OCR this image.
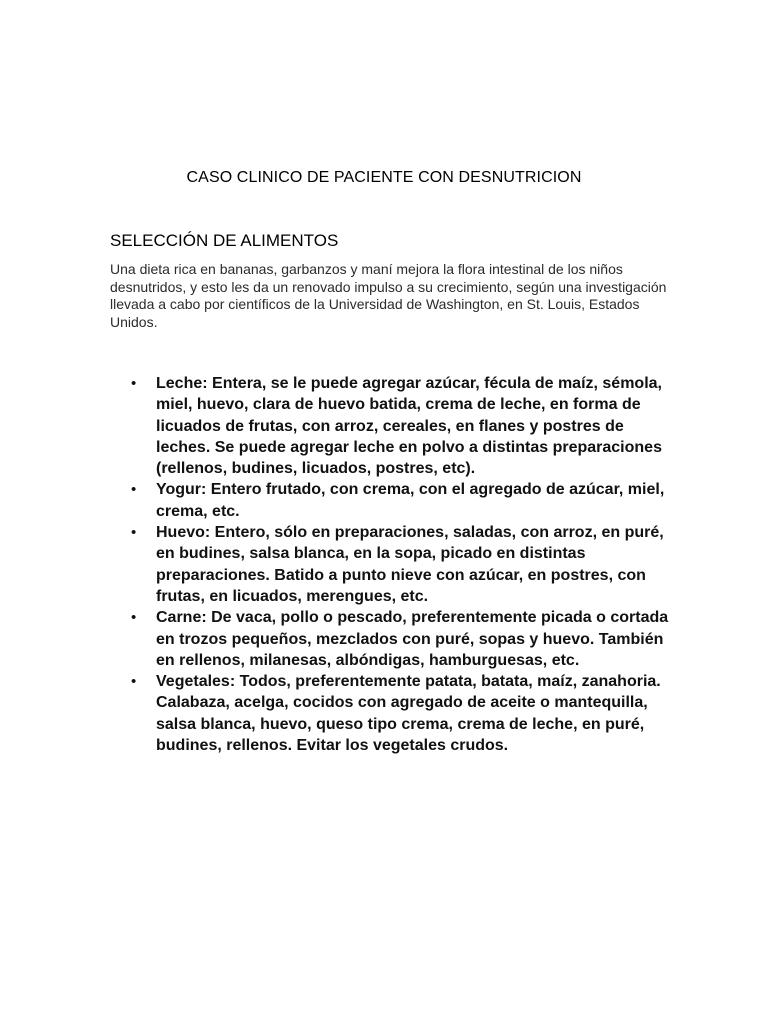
CASO CLINICO DE PACIENTE CON DESNUTRICION
SELECCIÓN DE ALIMENTOS

Una dieta rica en bananas, garbanzos y maní mejora la flora intestinal de los niños desnutridos, y esto les da un renovado impulso a su crecimiento, según una investigación llevada a cabo por científicos de la Universidad de Washington, en St. Louis, Estados Unidos.

• Leche: Entera, se le puede agregar azúcar, fécula de maíz, sémola, miel, huevo, clara de huevo batida, crema de leche, en forma de licuados de frutas, con arroz, cereales, en flanes y postres de leches. Se puede agregar leche en polvo a distintas preparaciones (rellenos, budines, licuados, postres, etc).
• Yogur: Entero frutado, con crema, con el agregado de azúcar, miel, crema, etc.
• Huevo: Entero, sólo en preparaciones, saladas, con arroz, en puré, en budines, salsa blanca, en la sopa, picado en distintas preparaciones. Batido a punto nieve con azúcar, en postres, con frutas, en licuados, merengues, etc.
• Carne: De vaca, pollo o pescado, preferentemente picada o cortada en trozos pequeños, mezclados con puré, sopas y huevo. También en rellenos, milanesas, albóndigas, hamburguesas, etc.
• Vegetales: Todos, preferentemente patata, batata, maíz, zanahoria. Calabaza, acelga, cocidos con agregado de aceite o mantequilla, salsa blanca, huevo, queso tipo crema, crema de leche, en puré, budines, rellenos. Evitar los vegetales crudos.
